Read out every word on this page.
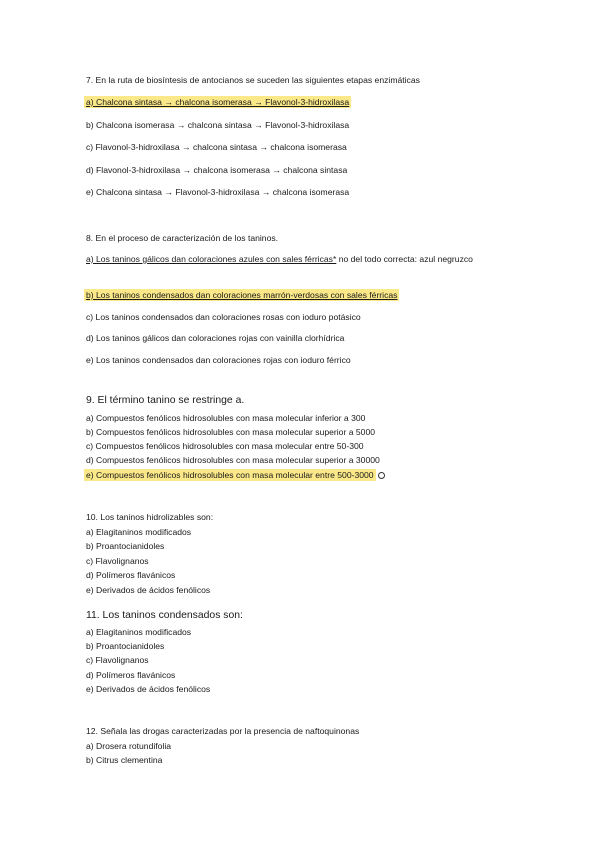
7. En la ruta de biosíntesis de antocianos se suceden las siguientes etapas enzimáticas
a) Chalcona sintasa → chalcona isomerasa → Flavonol-3-hidroxilasa
b) Chalcona isomerasa → chalcona sintasa → Flavonol-3-hidroxilasa
c) Flavonol-3-hidroxilasa → chalcona sintasa → chalcona isomerasa
d) Flavonol-3-hidroxilasa → chalcona isomerasa → chalcona sintasa
e) Chalcona sintasa → Flavonol-3-hidroxilasa → chalcona isomerasa
8. En el proceso de caracterización de los taninos.
a) Los taninos gálicos dan coloraciones azules con sales férricas* no del todo correcta: azul negruzco
b) Los taninos condensados dan coloraciones marrón-verdosas con sales férricas
c) Los taninos condensados dan coloraciones rosas con ioduro potásico
d) Los taninos gálicos dan coloraciones rojas con vainilla clorhídrica
e) Los taninos condensados dan coloraciones rojas con ioduro férrico
9. El término tanino se restringe a.
a) Compuestos fenólicos hidrosolubles con masa molecular inferior a 300
b) Compuestos fenólicos hidrosolubles con masa molecular superior a 5000
c) Compuestos fenólicos hidrosolubles con masa molecular entre 50-300
d) Compuestos fenólicos hidrosolubles con masa molecular superior a 30000
e) Compuestos fenólicos hidrosolubles con masa molecular entre 500-3000
10. Los taninos hidrolizables son:
a) Elagitaninos modificados
b) Proantocianidoles
c) Flavolignanos
d) Polímeros flavánicos
e) Derivados de ácidos fenólicos
11. Los taninos condensados son:
a) Elagitaninos modificados
b) Proantocianidoles
c) Flavolignanos
d) Polímeros flavánicos
e) Derivados de ácidos fenólicos
12. Señala las drogas caracterizadas por la presencia de naftoquinonas
a) Drosera rotundifolia
b) Citrus clementina
